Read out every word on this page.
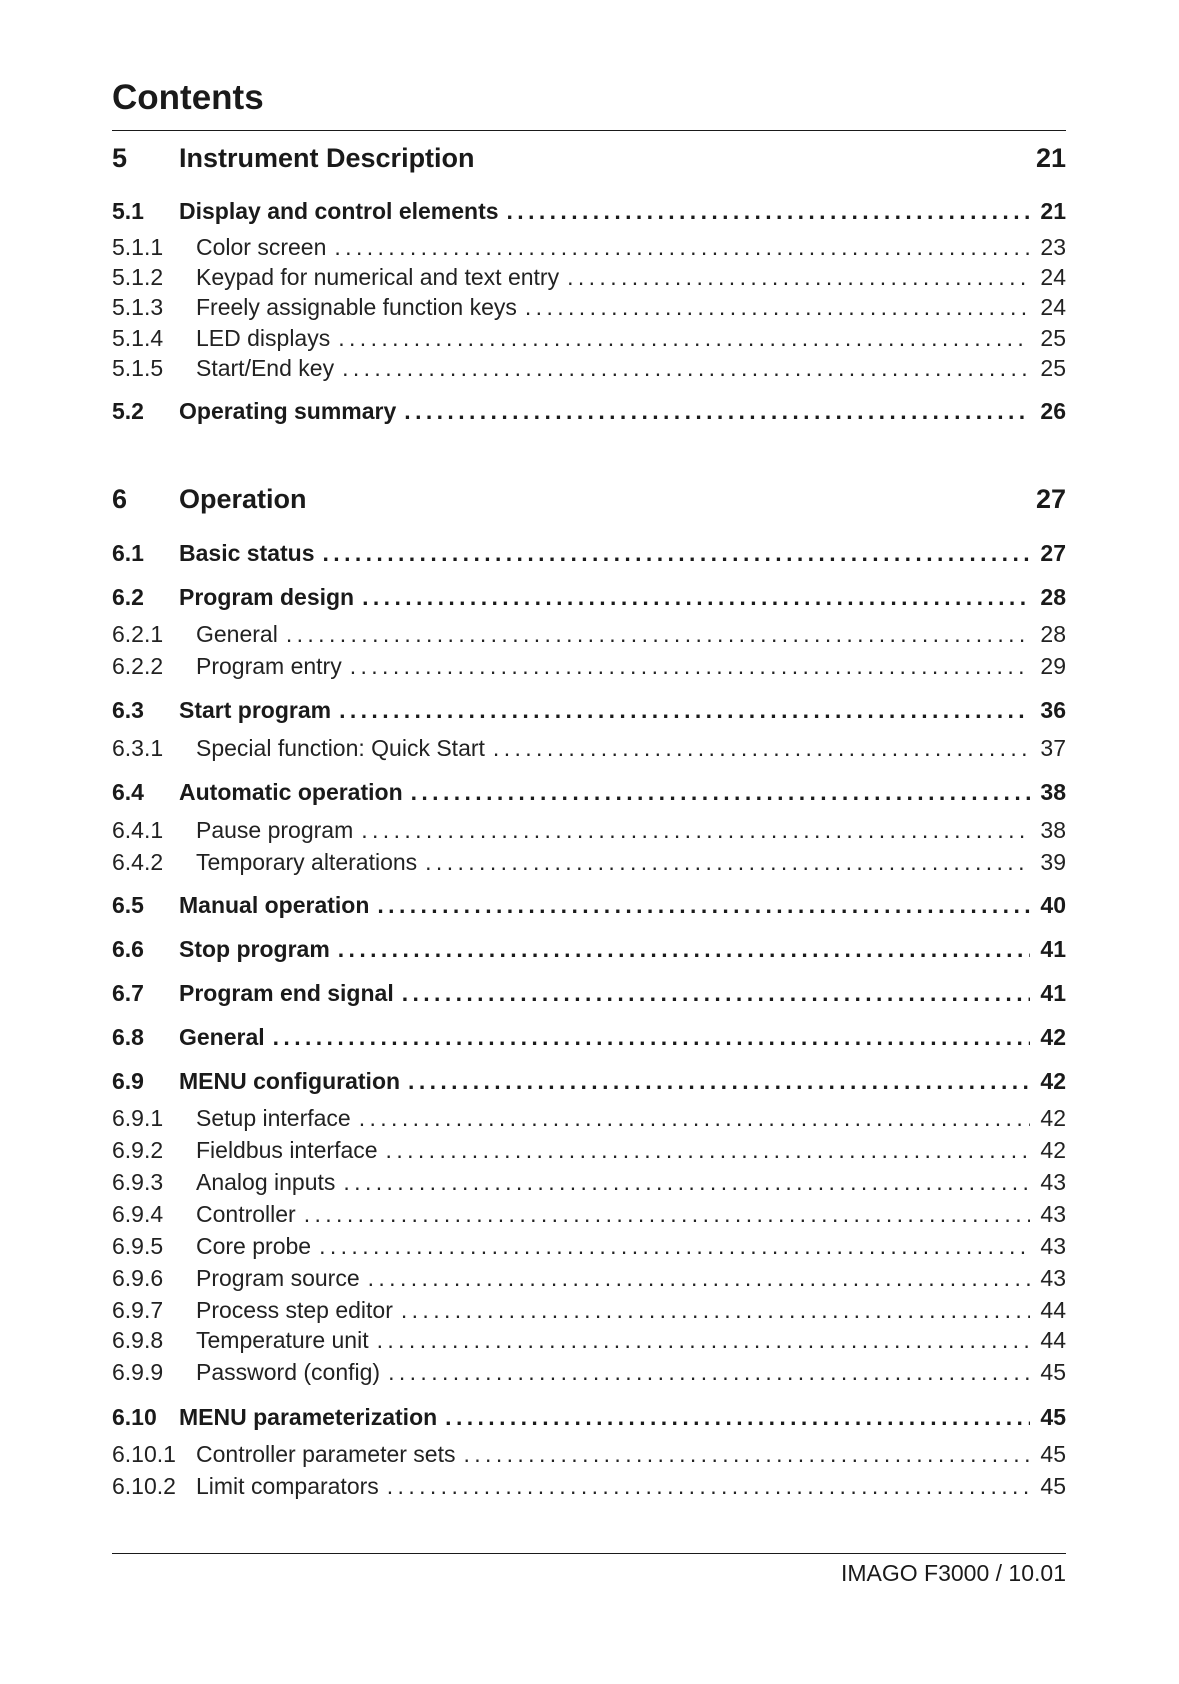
Contents
5	Instrument Description	21
5.1	Display and control elements . . .	21
5.1.1	Color screen . . .	23
5.1.2	Keypad for numerical and text entry . . .	24
5.1.3	Freely assignable function keys . . .	24
5.1.4	LED displays . . .	25
5.1.5	Start/End key . . .	25
5.2	Operating summary . . .	26
6	Operation	27
6.1	Basic status . . .	27
6.2	Program design . . .	28
6.2.1	General . . .	28
6.2.2	Program entry . . .	29
6.3	Start program . . .	36
6.3.1	Special function: Quick Start . . .	37
6.4	Automatic operation . . .	38
6.4.1	Pause program . . .	38
6.4.2	Temporary alterations . . .	39
6.5	Manual operation . . .	40
6.6	Stop program . . .	41
6.7	Program end signal . . .	41
6.8	General . . .	42
6.9	MENU configuration . . .	42
6.9.1	Setup interface . . .	42
6.9.2	Fieldbus interface . . .	42
6.9.3	Analog inputs . . .	43
6.9.4	Controller . . .	43
6.9.5	Core probe . . .	43
6.9.6	Program source . . .	43
6.9.7	Process step editor . . .	44
6.9.8	Temperature unit . . .	44
6.9.9	Password (config) . . .	45
6.10 MENU parameterization . . .	45
6.10.1 Controller parameter sets . . .	45
6.10.2 Limit comparators . . .	45
IMAGO F3000 / 10.01
